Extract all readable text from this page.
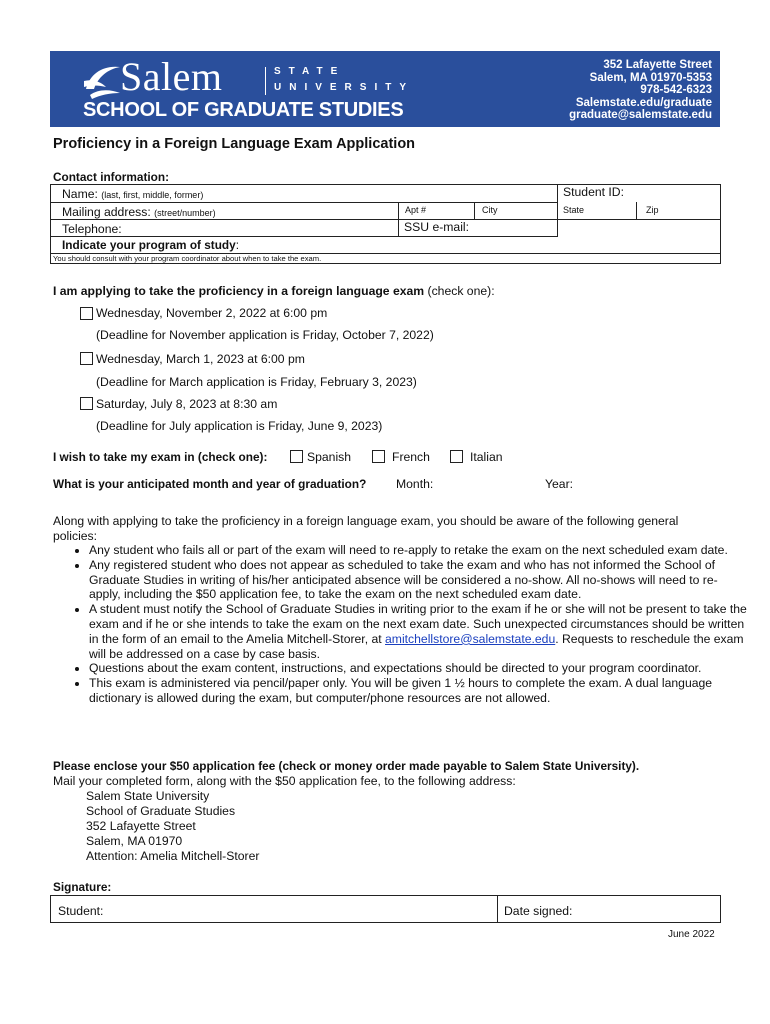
Salem	STATE
UNIVERSITY
SCHOOL OF GRADUATE STUDIES
352 Lafayette Street
Salem, MA 01970-5353
978-542-6323
Salemstate.edu/graduate
graduate@salemstate.edu
Proficiency in a Foreign Language Exam Application
Contact information:
Name: (last, first, middle, former)	Student ID:
Mailing address: (street/number)	Apt #	City	State	Zip
Telephone:	SSU e-mail:
Indicate your program of study:
You should consult with your program coordinator about when to take the exam.
I am applying to take the proficiency in a foreign language exam (check one):
Wednesday, November 2, 2022 at 6:00 pm
(Deadline for November application is Friday, October 7, 2022)
Wednesday, March 1, 2023 at 6:00 pm
(Deadline for March application is Friday, February 3, 2023)
Saturday, July 8, 2023 at 8:30 am
(Deadline for July application is Friday, June 9, 2023)
I wish to take my exam in (check one):	Spanish	French	Italian
What is your anticipated month and year of graduation? Month:	Year:
Along with applying to take the proficiency in a foreign language exam, you should be aware of the following general policies:
• Any student who fails all or part of the exam will need to re-apply to retake the exam on the next scheduled exam date.
• Any registered student who does not appear as scheduled to take the exam and who has not informed the School of Graduate Studies in writing of his/her anticipated absence will be considered a no-show. All no-shows will need to re-apply, including the $50 application fee, to take the exam on the next scheduled exam date.
• A student must notify the School of Graduate Studies in writing prior to the exam if he or she will not be present to take the exam and if he or she intends to take the exam on the next exam date. Such unexpected circumstances should be written in the form of an email to the Amelia Mitchell-Storer, at amitchellstore@salemstate.edu. Requests to reschedule the exam will be addressed on a case by case basis.
• Questions about the exam content, instructions, and expectations should be directed to your program coordinator.
• This exam is administered via pencil/paper only. You will be given 1 ½ hours to complete the exam. A dual language dictionary is allowed during the exam, but computer/phone resources are not allowed.
Please enclose your $50 application fee (check or money order made payable to Salem State University).
Mail your completed form, along with the $50 application fee, to the following address:
Salem State University
School of Graduate Studies
352 Lafayette Street
Salem, MA 01970
Attention: Amelia Mitchell-Storer
Signature:
Student:	Date signed:
June 2022
